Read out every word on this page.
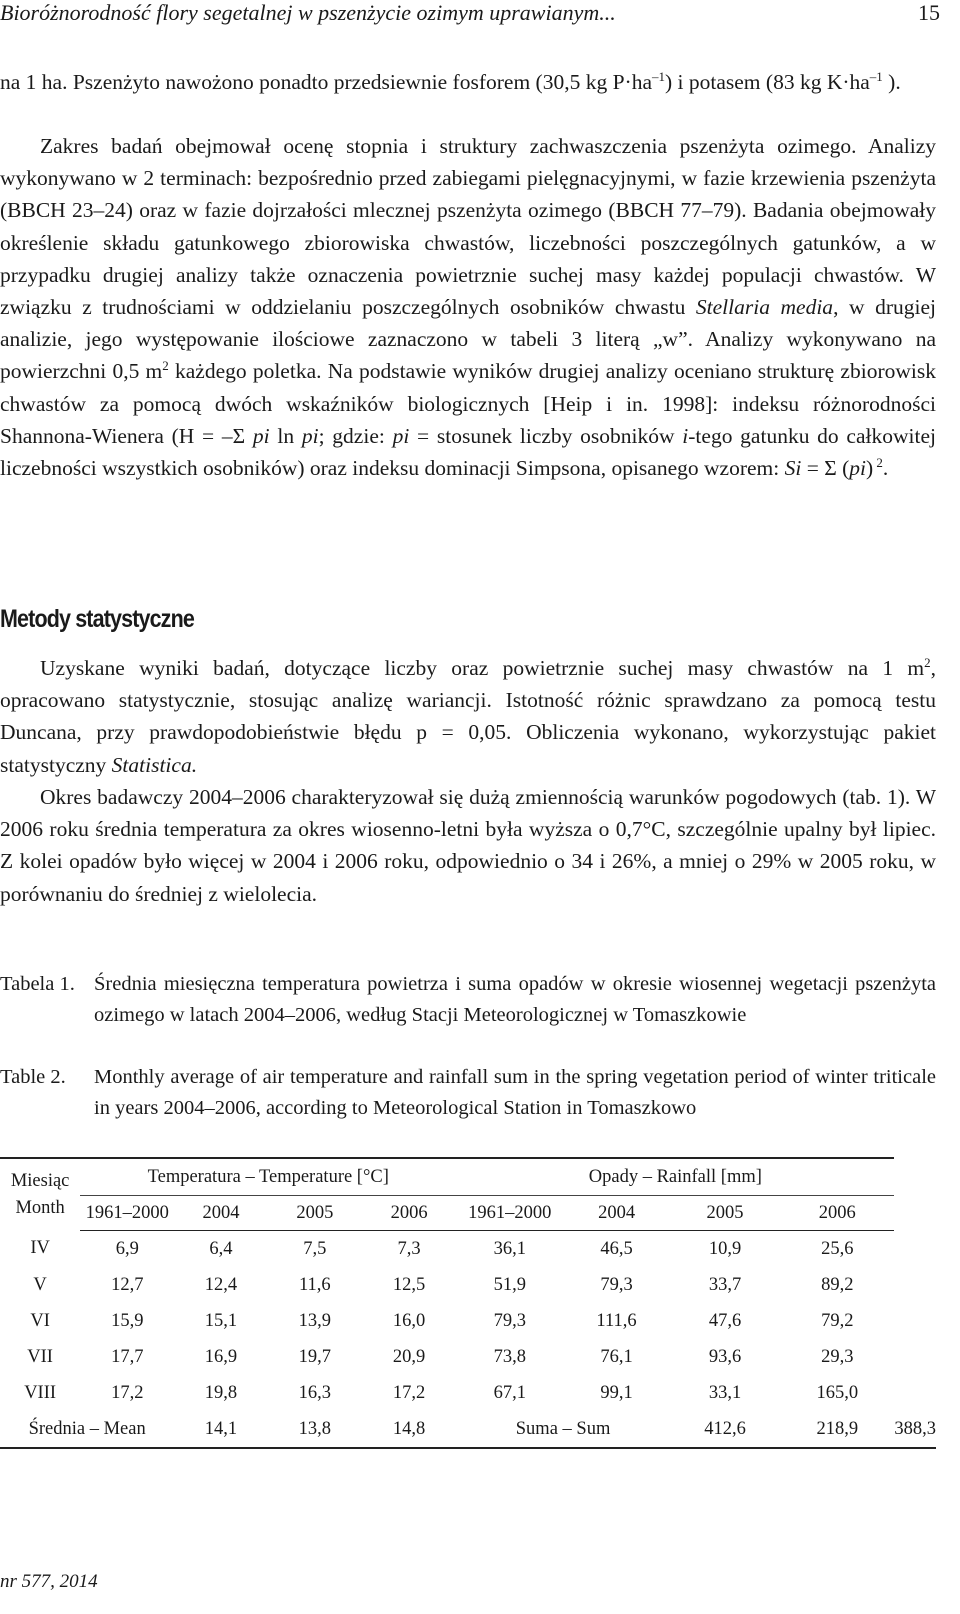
Bioróżnorodność flory segetalnej w pszenżycie ozimym uprawianym...	15

na 1 ha. Pszenżyto nawożono ponadto przedsiewnie fosforem (30,5 kg $P\cdot ha^{-1}$) i potasem (83 kg $K\cdot ha^{-1}$ ).

Zakres badań obejmował ocenę stopnia i struktury zachwaszczenia pszenżyta ozimego. Analizy wykonywano w 2 terminach: bezpośrednio przed zabiegami pielęgnacyjnymi, w fazie krzewienia pszenżyta (BBCH 23–24) oraz w fazie dojrzałości mlecznej pszenżyta ozimego (BBCH 77–79). Badania obejmowały określenie składu gatunkowego zbiorowiska chwastów, liczebności poszczególnych gatunków, a w przypadku drugiej analizy także oznaczenia powietrznie suchej masy każdej populacji chwastów. W związku z trudnościami w oddzielaniu poszczególnych osobników chwastu Stellaria media, w drugiej analizie, jego występowanie ilościowe zaznaczono w tabeli 3 literą „w”. Analizy wykonywano na powierzchni 0,5 $m^2$ każdego poletka. Na podstawie wyników drugiej analizy oceniano strukturę zbiorowisk chwastów za pomocą dwóch wskaźników biologicznych [Heip i in. 1998]: indeksu różnorodności Shannona-Wienera (H = –Σ pi ln pi; gdzie: pi = stosunek liczby osobników i-tego gatunku do całkowitej liczebności wszystkich osobników) oraz indeksu dominacji Simpsona, opisanego wzorem: Si = Σ (pi) $^2$.

Metody statystyczne

Uzyskane wyniki badań, dotyczące liczby oraz powietrznie suchej masy chwastów na 1 $m^2$, opracowano statystycznie, stosując analizę wariancji. Istotność różnic sprawdzano za pomocą testu Duncana, przy prawdopodobieństwie błędu p = 0,05. Obliczenia wykonano, wykorzystując pakiet statystyczny Statistica.

Okres badawczy 2004–2006 charakteryzował się dużą zmiennością warunków pogodowych (tab. 1). W 2006 roku średnia temperatura za okres wiosenno-letni była wyższa o 0,7°C, szczególnie upalny był lipiec. Z kolei opadów było więcej w 2004 i 2006 roku, odpowiednio o 34 i 26%, a mniej o 29% w 2005 roku, w porównaniu do średniej z wielolecia.

Tabela 1. Średnia miesięczna temperatura powietrza i suma opadów w okresie wiosennej wegetacji pszenżyta ozimego w latach 2004–2006, według Stacji Meteorologicznej w Tomaszkowie
Table 2.	Monthly average of air temperature and rainfall sum in the spring vegetation period of winter triticale in years 2004–2006, according to Meteorological Station in Tomaszkowo
Miesiąc
Month	Temperatura – Temperature [°C]				Opady – Rainfall [mm]				
	1961–2000	2004	2005	2006	1961–2000	2004	2005	2006	
IV	6,9	6,4	7,5	7,3	36,1	46,5	10,9	25,6	
V	12,7	12,4	11,6	12,5	51,9	79,3	33,7	89,2	
VI	15,9	15,1	13,9	16,0	79,3	111,6	47,6	79,2	
VII	17,7	16,9	19,7	20,9	73,8	76,1	93,6	29,3	
VIII	17,2	19,8	16,3	17,2	67,1	99,1	33,1	165,0	
Średnia – Mean		14,1	13,8	14,8	Suma – Sum		412,6	218,9	388,3
nr 577, 2014
